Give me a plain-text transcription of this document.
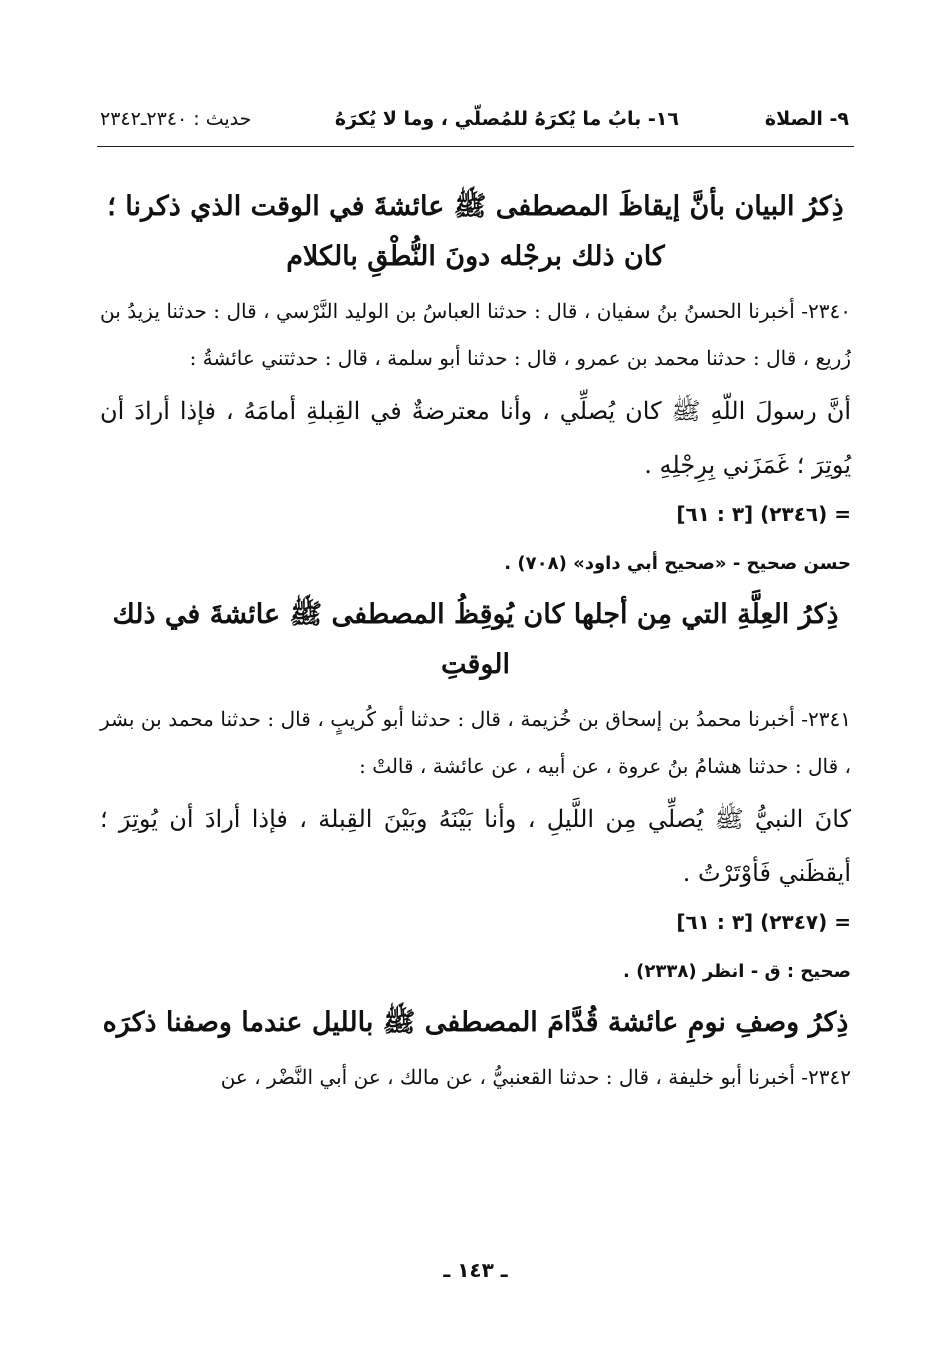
٩- الصلاة
١٦- بابُ ما يُكرَهُ للمُصلّي ، وما لا يُكرَهُ
حديث : ٢٣٤٠ـ٢٣٤٢
ذِكرُ البيان بأنَّ إيقاظَ المصطفى ﷺ عائشةَ في الوقت الذي ذكرنا ؛ كان ذلك برجْله دونَ النُّطْقِ بالكلام

٢٣٤٠- أخبرنا الحسنُ بنُ سفيان ، قال : حدثنا العباسُ بن الوليد النَّرْسي ، قال : حدثنا يزيدُ بن زُريع ، قال : حدثنا محمد بن عمرو ، قال : حدثنا أبو سلمة ، قال : حدثتني عائشةُ :

أنَّ رسولَ اللّهِ ﷺ كان يُصلِّي ، وأنا معترضةٌ في القِبلةِ أمامَهُ ، فإذا أرادَ أن يُوتِرَ ؛ غَمَزَني بِرِجْلِهِ .

= (٢٣٤٦) [٣ : ٦١]
حسن صحيح - «صحيح أبي داود» (٧٠٨) .
ذِكرُ العِلَّةِ التي مِن أجلها كان يُوقِظُ المصطفى ﷺ عائشةَ في ذلك الوقتِ

٢٣٤١- أخبرنا محمدُ بن إسحاق بن خُزيمة ، قال : حدثنا أبو كُريبٍ ، قال : حدثنا محمد بن بشر ، قال : حدثنا هشامُ بنُ عروة ، عن أبيه ، عن عائشة ، قالتْ :

كانَ النبيُّ ﷺ يُصلِّي مِن اللَّيلِ ، وأنا بَيْنَهُ وبَيْنَ القِبلة ، فإذا أرادَ أن يُوتِرَ ؛ أيقظَني فَأوْتَرْتُ .

= (٢٣٤٧) [٣ : ٦١]
صحيح : ق - انظر (٢٣٣٨) .
ذِكرُ وصفِ نومِ عائشة قُدَّامَ المصطفى ﷺ بالليل عندما وصفنا ذكرَه

٢٣٤٢- أخبرنا أبو خليفة ، قال : حدثنا القعنبيُّ ، عن مالك ، عن أبي النَّضْر ، عن

ـ ١٤٣ ـ
